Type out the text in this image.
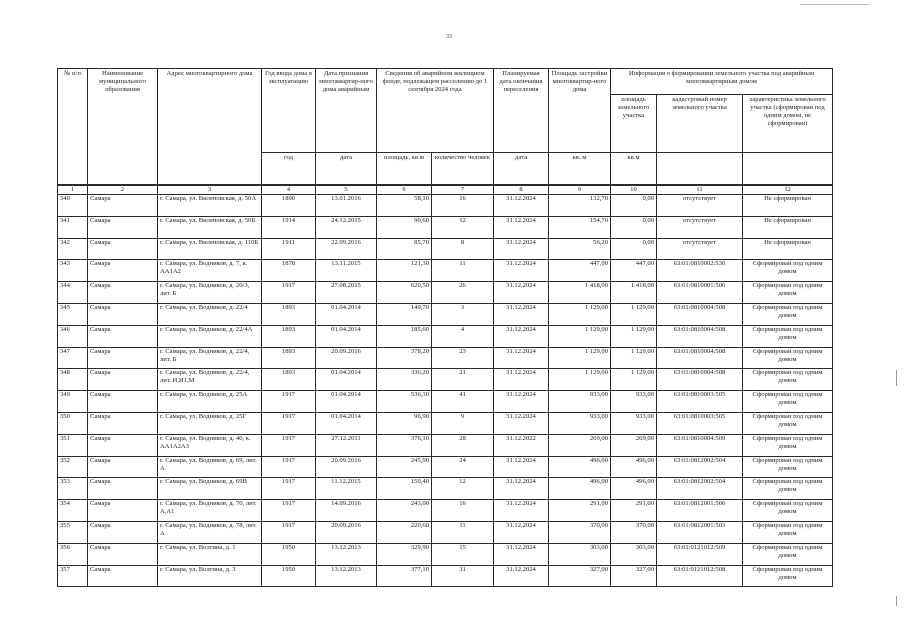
33
№ п/п	Наименование муниципального образования	Адрес многоквартирного дома	Год ввода дома в эксплуатацию	Дата признания многоквартир-ного дома аварийным	Сведения об аварийном жилищном фонде, подлежащем расселению до 1 сентября 2024 года		Планируемая дата окончания переселения	Площадь застройки многоквартир-ного дома	Информация о формировании земельного участка под аварийным многоквартирным домом		
									площадь земельного участка	кадастровый номер земельного участка	характеристика земельного участка (сформирован под одним домом, не сформирован)
			год	дата	площадь, кв.м	количество человек	дата	кв. м	кв.м		
1	2	3	4	5	6	7	8	9	10	11	12
340	Самара	г. Самара, ул. Виленовская, д. 50А	1890	13.01.2016	58,10	16	31.12.2024	132,70	0,00	отсутствует	Не сформирован
341	Самара	г. Самара, ул. Виленовская, д. 50Б	1914	24.12.2015	90,60	12	31.12.2024	154,70	0,00	отсутствует	Не сформирован
342	Самара	г. Самара, ул. Виленовская, д. 110Б	1911	22.09.2016	85,70	8	31.12.2024	56,20	0,00	отсутствует	Не сформирован
343	Самара	г. Самара, ул. Водников, д. 7, к. АА1А2	1878	13.11.2015	121,30	11	31.12.2024	447,00	447,00	63:01:0810002:530	Сформирован под одним домом
344	Самара	г. Самара, ул. Водников, д. 20/3, лит. Б	1917	27.08.2015	620,50	26	31.12.2024	1 418,00	1 418,00	63:01:0810001:506	Сформирован под одним домом
345	Самара	г. Самара, ул. Водников, д. 22/4	1893	01.04.2014	149,70	3	31.12.2024	1 129,00	1 129,00	63:01:0810004:508	Сформирован под одним домом
346	Самара	г. Самара, ул. Водников, д. 22/4А	1893	01.04.2014	185,60	4	31.12.2024	1 129,00	1 129,00	63:01:0810004:508	Сформирован под одним домом
347	Самара	г. Самара, ул. Водников, д. 22/4, лит. Б	1893	20.09.2016	378,20	23	31.12.2024	1 129,00	1 129,00	63:01:0810004:508	Сформирован под одним домом
348	Самара	г. Самара, ул. Водников, д. 22/4, лит. И,И1,М	1893	01.04.2014	336,20	21	31.12.2024	1 129,00	1 129,00	63:01:0810004:508	Сформирован под одним домом
349	Самара	г. Самара, ул. Водников, д. 25А	1917	01.04.2014	536,30	41	31.12.2024	933,00	933,00	63:01:0810003:505	Сформирован под одним домом
350	Самара	г. Самара, ул. Водников, д. 25Г	1917	01.04.2014	96,90	9	31.12.2024	933,00	933,00	63:01:0810003:505	Сформирован под одним домом
351	Самара	г. Самара, ул. Водников, д. 40, к. АА1А2А3	1917	27.12.2011	376,10	28	31.12.2022	269,00	269,00	63:01:0810004:509	Сформирован под одним домом
352	Самара	г. Самара, ул. Водников, д. 69, лит. А	1917	20.09.2016	245,90	24	31.12.2024	496,00	496,00	63:01:0812002:504	Сформирован под одним домом
353	Самара	г. Самара, ул. Водников, д. 69В	1917	11.12.2015	150,40	12	31.12.2024	496,00	496,00	63:01:0812002:504	Сформирован под одним домом
354	Самара	г. Самара, ул. Водников, д. 70, лит. А,А1	1917	14.09.2016	243,00	16	31.12.2024	291,00	291,00	63:01:0812001:506	Сформирован под одним домом
355	Самара	г. Самара, ул. Водников, д. 78, лит. А	1917	20.09.2016	220,60	11	31.12.2024	370,00	370,00	63:01:0812001:503	Сформирован под одним домом
356	Самара	г. Самара, ул. Волгина, д. 1	1950	13.12.2013	329,90	15	31.12.2024	303,00	303,00	63:01:0121012:509	Сформирован под одним домом
357	Самара	г. Самара, ул. Волгина, д. 3	1950	13.12.2013	377,10	31	31.12.2024	327,00	327,00	63:01:0121012:508	Сформирован под одним домом
